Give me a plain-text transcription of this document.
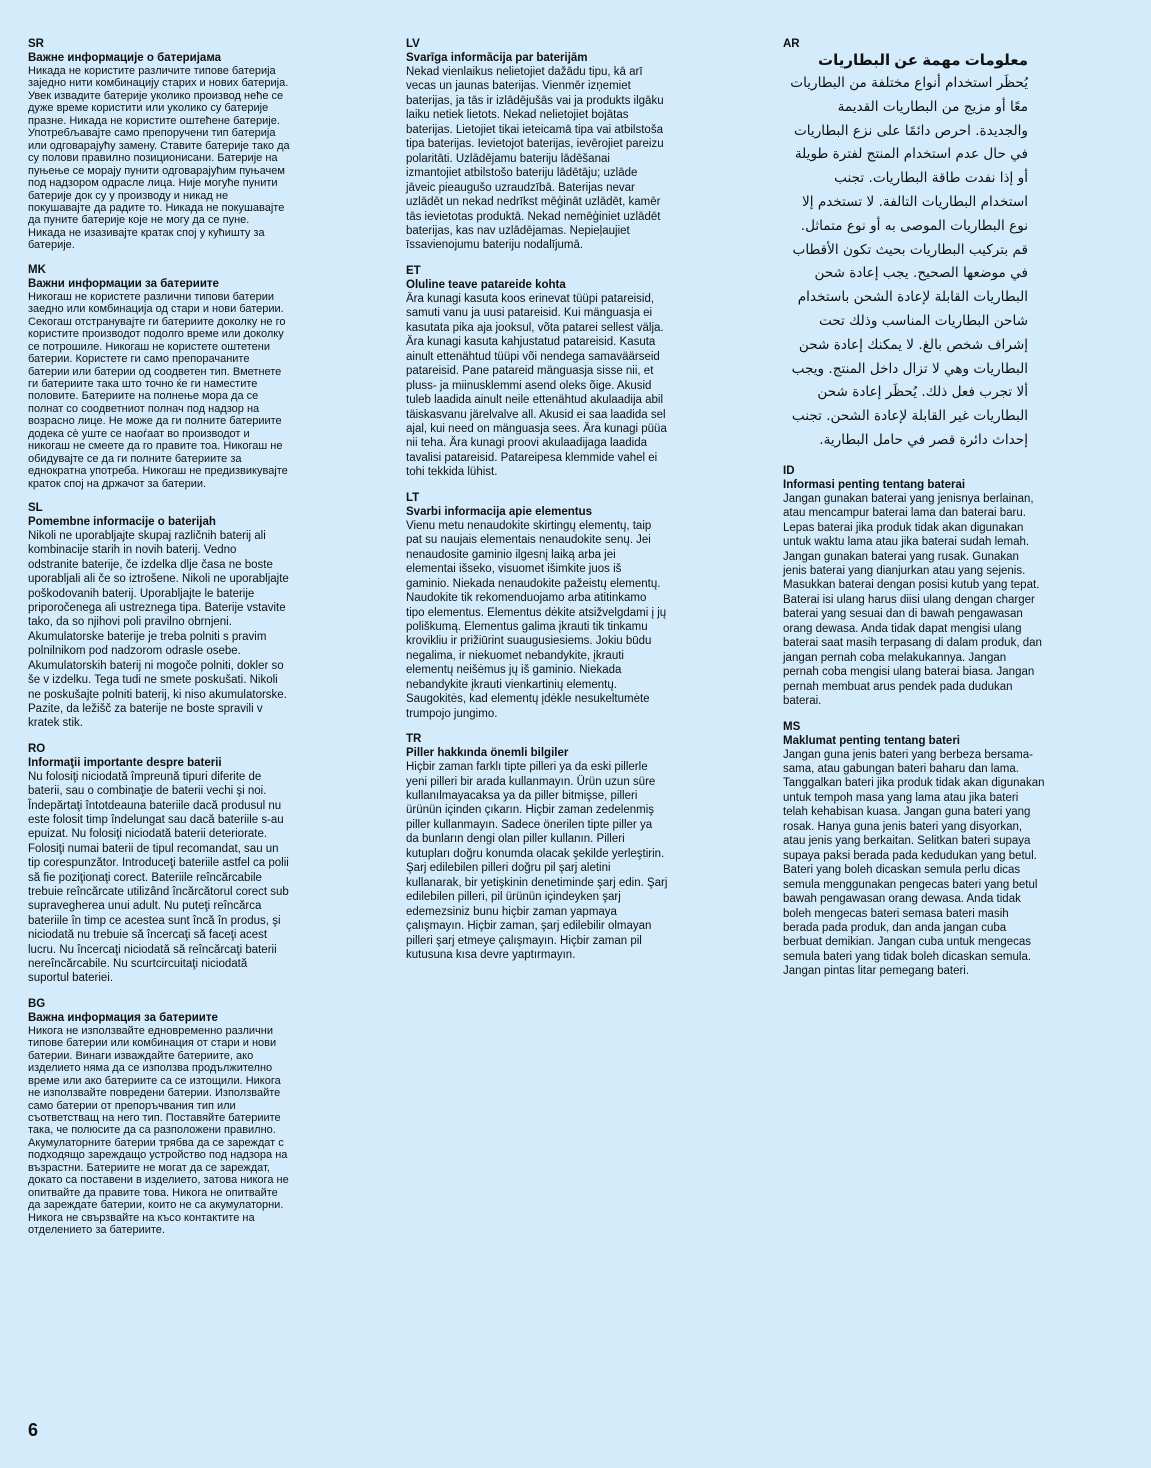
SR

Важне информације о батеријама

Никада не користите различите типове батерија заједно нити комбинацију старих и нових батерија. Увек извадите батерије уколико производ неће се дуже време користити или уколико су батерије празне. Никада не користите оштећене батерије. Употребљавајте само препоручени тип батерија или одговарајућу замену. Ставите батерије тако да су полови правилно позиционисани. Батерије на пуњење се морају пунити одговарајућим пуњачем под надзором одрасле лица. Није могуће пунити батерије док су у производу и никад не покушавајте да радите то. Никада не покушавајте да пуните батерије које не могу да се пуне. Никада не изазивајте кратак спој у кућишту за батерије.

MK

Важни информации за батериите

Никогаш не користете различни типови батерии заедно или комбинација од стари и нови батерии. Секогаш отстранувајте ги батериите доколку не го користите производот подолго време или доколку се потрошиле. Никогаш не користете оштетени батерии. Користете ги само препорачаните батерии или батерии од соодветен тип. Вметнете ги батериите така што точно ќе ги наместите половите. Батериите на полнење мора да се полнат со соодветниот полнач под надзор на возрасно лице. Не може да ги полните батериите додека сè уште се наоѓаат во производот и никогаш не смеете да го правите тоа. Никогаш не обидувајте се да ги полните батериите за еднократна употреба. Никогаш не предизвикувајте краток спој на држачот за батерии.

SL

Pomembne informacije o baterijah

Nikoli ne uporabljajte skupaj različnih baterij ali kombinacije starih in novih baterij. Vedno odstranite baterije, če izdelka dlje časa ne boste uporabljali ali če so iztrošene. Nikoli ne uporabljajte poškodovanih baterij. Uporabljajte le baterije priporočenega ali ustreznega tipa. Baterije vstavite tako, da so njihovi poli pravilno obrnjeni. Akumulatorske baterije je treba polniti s pravim polnilnikom pod nadzorom odrasle osebe. Akumulatorskih baterij ni mogoče polniti, dokler so še v izdelku. Tega tudi ne smete poskušati. Nikoli ne poskušajte polniti baterij, ki niso akumulatorske. Pazite, da ležišč za baterije ne boste spravili v kratek stik.

RO

Informaţii importante despre baterii

Nu folosiţi niciodată împreună tipuri diferite de baterii, sau o combinaţie de baterii vechi şi noi. Îndepărtaţi întotdeauna bateriile dacă produsul nu este folosit timp îndelungat sau dacă bateriile s-au epuizat. Nu folosiţi niciodată baterii deteriorate. Folosiţi numai baterii de tipul recomandat, sau un tip corespunzător. Introduceţi bateriile astfel ca polii să fie poziţionaţi corect. Bateriile reîncărcabile trebuie reîncărcate utilizând încărcătorul corect sub supravegherea unui adult. Nu puteţi reîncărca bateriile în timp ce acestea sunt încă în produs, şi niciodată nu trebuie să încercaţi să faceţi acest lucru. Nu încercaţi niciodată să reîncărcaţi baterii nereîncărcabile. Nu scurtcircuitaţi niciodată suportul bateriei.

BG

Важна информация за батериите

Никога не използвайте едновременно различни типове батерии или комбинация от стари и нови батерии. Винаги изваждайте батериите, ако изделието няма да се използва продължително време или ако батериите са се изтощили. Никога не използвайте повредени батерии. Използвайте само батерии от препоръчвания тип или съответстващ на него тип. Поставяйте батериите така, че полюсите да са разположени правилно. Акумулаторните батерии трябва да се зареждат с подходящо зареждащо устройство под надзора на възрастни. Батериите не могат да се зареждат, докато са поставени в изделието, затова никога не опитвайте да правите това. Никога не опитвайте да зареждате батерии, които не са акумулаторни. Никога не свързвайте на късо контактите на отделението за батериите.

LV

Svarīga informācija par baterijām

Nekad vienlaikus nelietojiet dažādu tipu, kā arī vecas un jaunas baterijas. Vienmēr izņemiet baterijas, ja tās ir izlādējušās vai ja produkts ilgāku laiku netiek lietots. Nekad nelietojiet bojātas baterijas. Lietojiet tikai ieteicamā tipa vai atbilstoša tipa baterijas. Ievietojot baterijas, ievērojiet pareizu polaritāti. Uzlādējamu bateriju lādēšanai izmantojiet atbilstošo bateriju lādētāju; uzlāde jāveic pieaugušo uzraudzībā. Baterijas nevar uzlādēt un nekad nedrīkst mēģināt uzlādēt, kamēr tās ievietotas produktā. Nekad nemēģiniet uzlādēt baterijas, kas nav uzlādējamas. Nepieļaujiet īssavienojumu bateriju nodalījumā.

ET

Oluline teave patareide kohta

Ära kunagi kasuta koos erinevat tüüpi patareisid, samuti vanu ja uusi patareisid. Kui mänguasja ei kasutata pika aja jooksul, võta patarei sellest välja. Ära kunagi kasuta kahjustatud patareisid. Kasuta ainult ettenähtud tüüpi või nendega samaväärseid patareisid. Pane patareid mänguasja sisse nii, et pluss- ja miinusklemmi asend oleks õige. Akusid tuleb laadida ainult neile ettenähtud akulaadija abil täiskasvanu järelvalve all. Akusid ei saa laadida sel ajal, kui need on mänguasja sees. Ära kunagi püüa nii teha. Ära kunagi proovi akulaadijaga laadida tavalisi patareisid. Patareipesa klemmide vahel ei tohi tekkida lühist.

LT

Svarbi informacija apie elementus

Vienu metu nenaudokite skirtingų elementų, taip pat su naujais elementais nenaudokite senų. Jei nenaudosite gaminio ilgesnį laiką arba jei elementai išseko, visuomet išimkite juos iš gaminio. Niekada nenaudokite pažeistų elementų. Naudokite tik rekomenduojamo arba atitinkamo tipo elementus. Elementus dėkite atsižvelgdami į jų poliškumą. Elementus galima įkrauti tik tinkamu krovikliu ir prižiūrint suaugusiesiems. Jokiu būdu negalima, ir niekuomet nebandykite, įkrauti elementų neišėmus jų iš gaminio. Niekada nebandykite įkrauti vienkartinių elementų. Saugokitės, kad elementų įdėkle nesukeltumėte trumpojo jungimo.

TR

Piller hakkında önemli bilgiler

Hiçbir zaman farklı tipte pilleri ya da eski pillerle yeni pilleri bir arada kullanmayın. Ürün uzun süre kullanılmayacaksa ya da piller bitmişse, pilleri ürünün içinden çıkarın. Hiçbir zaman zedelenmiş piller kullanmayın. Sadece önerilen tipte piller ya da bunların dengi olan piller kullanın. Pilleri kutupları doğru konumda olacak şekilde yerleştirin. Şarj edilebilen pilleri doğru pil şarj aletini kullanarak, bir yetişkinin denetiminde şarj edin. Şarj edilebilen pilleri, pil ürünün içindeyken şarj edemezsiniz bunu hiçbir zaman yapmaya çalışmayın. Hiçbir zaman, şarj edilebilir olmayan pilleri şarj etmeye çalışmayın. Hiçbir zaman pil kutusuna kısa devre yaptırmayın.

AR

معلومات مهمة عن البطاريات

يُحظَر استخدام أنواع مختلفة من البطاريات معًا أو مزيج من البطاريات القديمة والجديدة. احرص دائمًا على نزع البطاريات في حال عدم استخدام المنتج لفترة طويلة أو إذا نفدت طاقة البطاريات. تجنب استخدام البطاريات التالفة. لا تستخدم إلا نوع البطاريات الموصى به أو نوع متماثل. قم بتركيب البطاريات بحيث تكون الأقطاب في موضعها الصحيح. يجب إعادة شحن البطاريات القابلة لإعادة الشحن باستخدام شاحن البطاريات المناسب وذلك تحت إشراف شخص بالغ. لا يمكنك إعادة شحن البطاريات وهي لا تزال داخل المنتج. ويجب ألا تجرب فعل ذلك. يُحظَر إعادة شحن البطاريات غير القابلة لإعادة الشحن. تجنب إحداث دائرة قصر في حامل البطارية.

ID

Informasi penting tentang baterai

Jangan gunakan baterai yang jenisnya berlainan, atau mencampur baterai lama dan baterai baru. Lepas baterai jika produk tidak akan digunakan untuk waktu lama atau jika baterai sudah lemah. Jangan gunakan baterai yang rusak. Gunakan jenis baterai yang dianjurkan atau yang sejenis. Masukkan baterai dengan posisi kutub yang tepat. Baterai isi ulang harus diisi ulang dengan charger baterai yang sesuai dan di bawah pengawasan orang dewasa. Anda tidak dapat mengisi ulang baterai saat masih terpasang di dalam produk, dan jangan pernah coba melakukannya. Jangan pernah coba mengisi ulang baterai biasa. Jangan pernah membuat arus pendek pada dudukan baterai.

MS

Maklumat penting tentang bateri

Jangan guna jenis bateri yang berbeza bersama-sama, atau gabungan bateri baharu dan lama. Tanggalkan bateri jika produk tidak akan digunakan untuk tempoh masa yang lama atau jika bateri telah kehabisan kuasa. Jangan guna bateri yang rosak. Hanya guna jenis bateri yang disyorkan, atau jenis yang berkaitan. Selitkan bateri supaya supaya paksi berada pada kedudukan yang betul. Bateri yang boleh dicaskan semula perlu dicas semula menggunakan pengecas bateri yang betul bawah pengawasan orang dewasa. Anda tidak boleh mengecas bateri semasa bateri masih berada pada produk, dan anda jangan cuba berbuat demikian. Jangan cuba untuk mengecas semula bateri yang tidak boleh dicaskan semula. Jangan pintas litar pemegang bateri.

6
